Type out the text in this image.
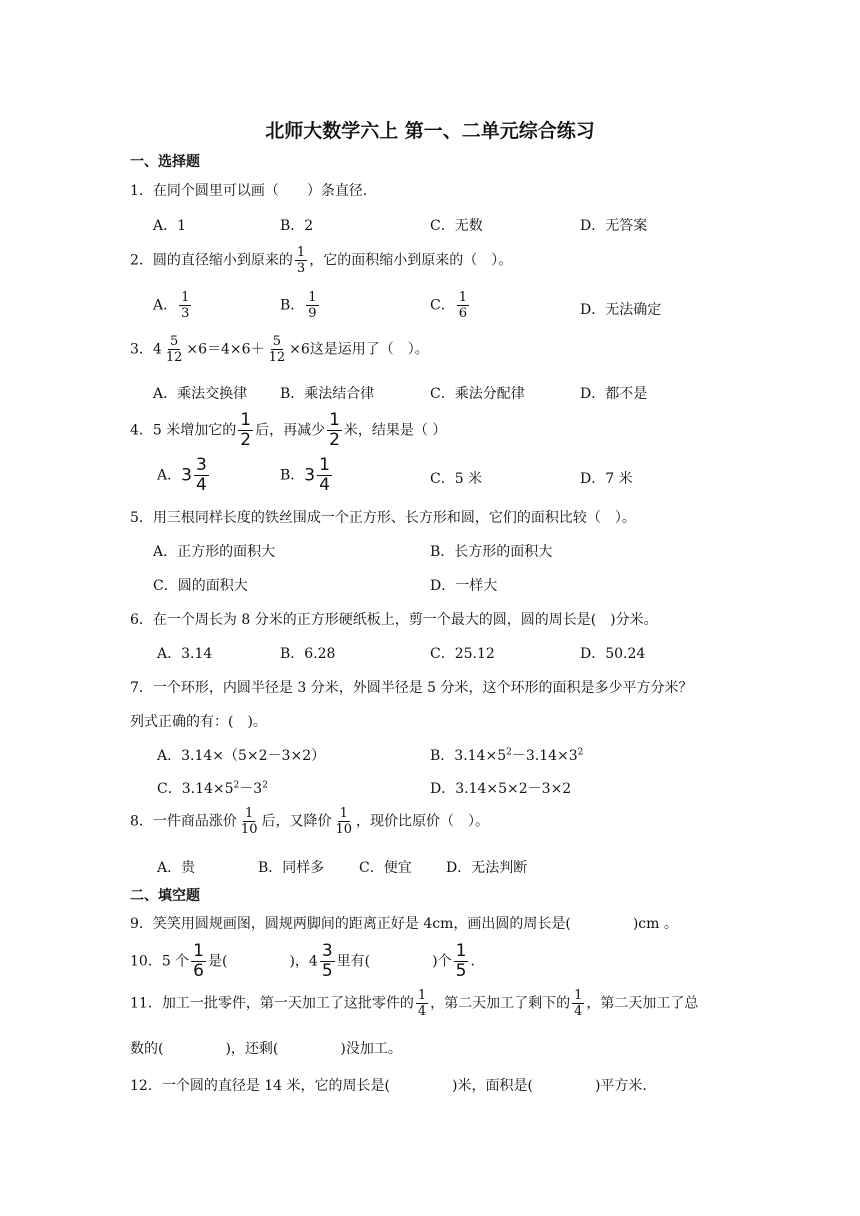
北师大数学六上 第一、二单元综合练习
一、选择题
1．在同个圆里可以画（　　）条直径．
A．1	B．2	C．无数	D．无答案
2．圆的直径缩小到原来的 $\frac{1}{3}$ ，它的面积缩小到原来的（　）。
A． $\frac{1}{3}$	B． $\frac{1}{9}$	C． $\frac{1}{6}$	D．无法确定
3．$4 \frac{5}{12} \times 6=4\times 6+ \frac{5}{12} \times 6$这是运用了（　）。
A．乘法交换律 B．乘法结合律	C．乘法分配律	D．都不是
4．5 米增加它的 $\frac{1}{2}$ 后，再减少 $\frac{1}{2}$ 米，结果是（ ）
A．$3 \frac{3}{4}$	B．$3 \frac{1}{4}$	C．5 米	D．7 米
5．用三根同样长度的铁丝围成一个正方形、长方形和圆，它们的面积比较（　）。
A．正方形的面积大	B．长方形的面积大
C．圆的面积大	D．一样大
6．在一个周长为 8 分米的正方形硬纸板上，剪一个最大的圆，圆的周长是(　)分米。
A．3.14	B．6.28	C．25.12	D．50.24
7．一个环形，内圆半径是 3 分米，外圆半径是 5 分米，这个环形的面积是多少平方分米？
列式正确的有：(　)。
A．3.14×（5×2－3×2）	B．$3.14\times 5^2-3.14\times 3^2$
C．$3.14\times 5^2-3^2$	D．3.14×5×2－3×2
8．一件商品涨价 $\frac{1}{10}$ 后，又降价 $\frac{1}{10}$ ，现价比原价（　）。
A．贵	B．同样多 C．便宜 D．无法判断
二、填空题
9．笑笑用圆规画图，圆规两脚间的距离正好是 4cm，画出圆的周长是(	)cm 。
10．5 个 $\frac{1}{6}$ 是(	)，$4 \frac{3}{5}$ 里有(	)个 $\frac{1}{5}$ .
11．加工一批零件，第一天加工了这批零件的 $\frac{1}{4}$ ，第二天加工了剩下的 $\frac{1}{4}$ ，第二天加工了总
数的(	)，还剩(	)没加工。
12．一个圆的直径是 14 米，它的周长是(	)米，面积是(	)平方米．
